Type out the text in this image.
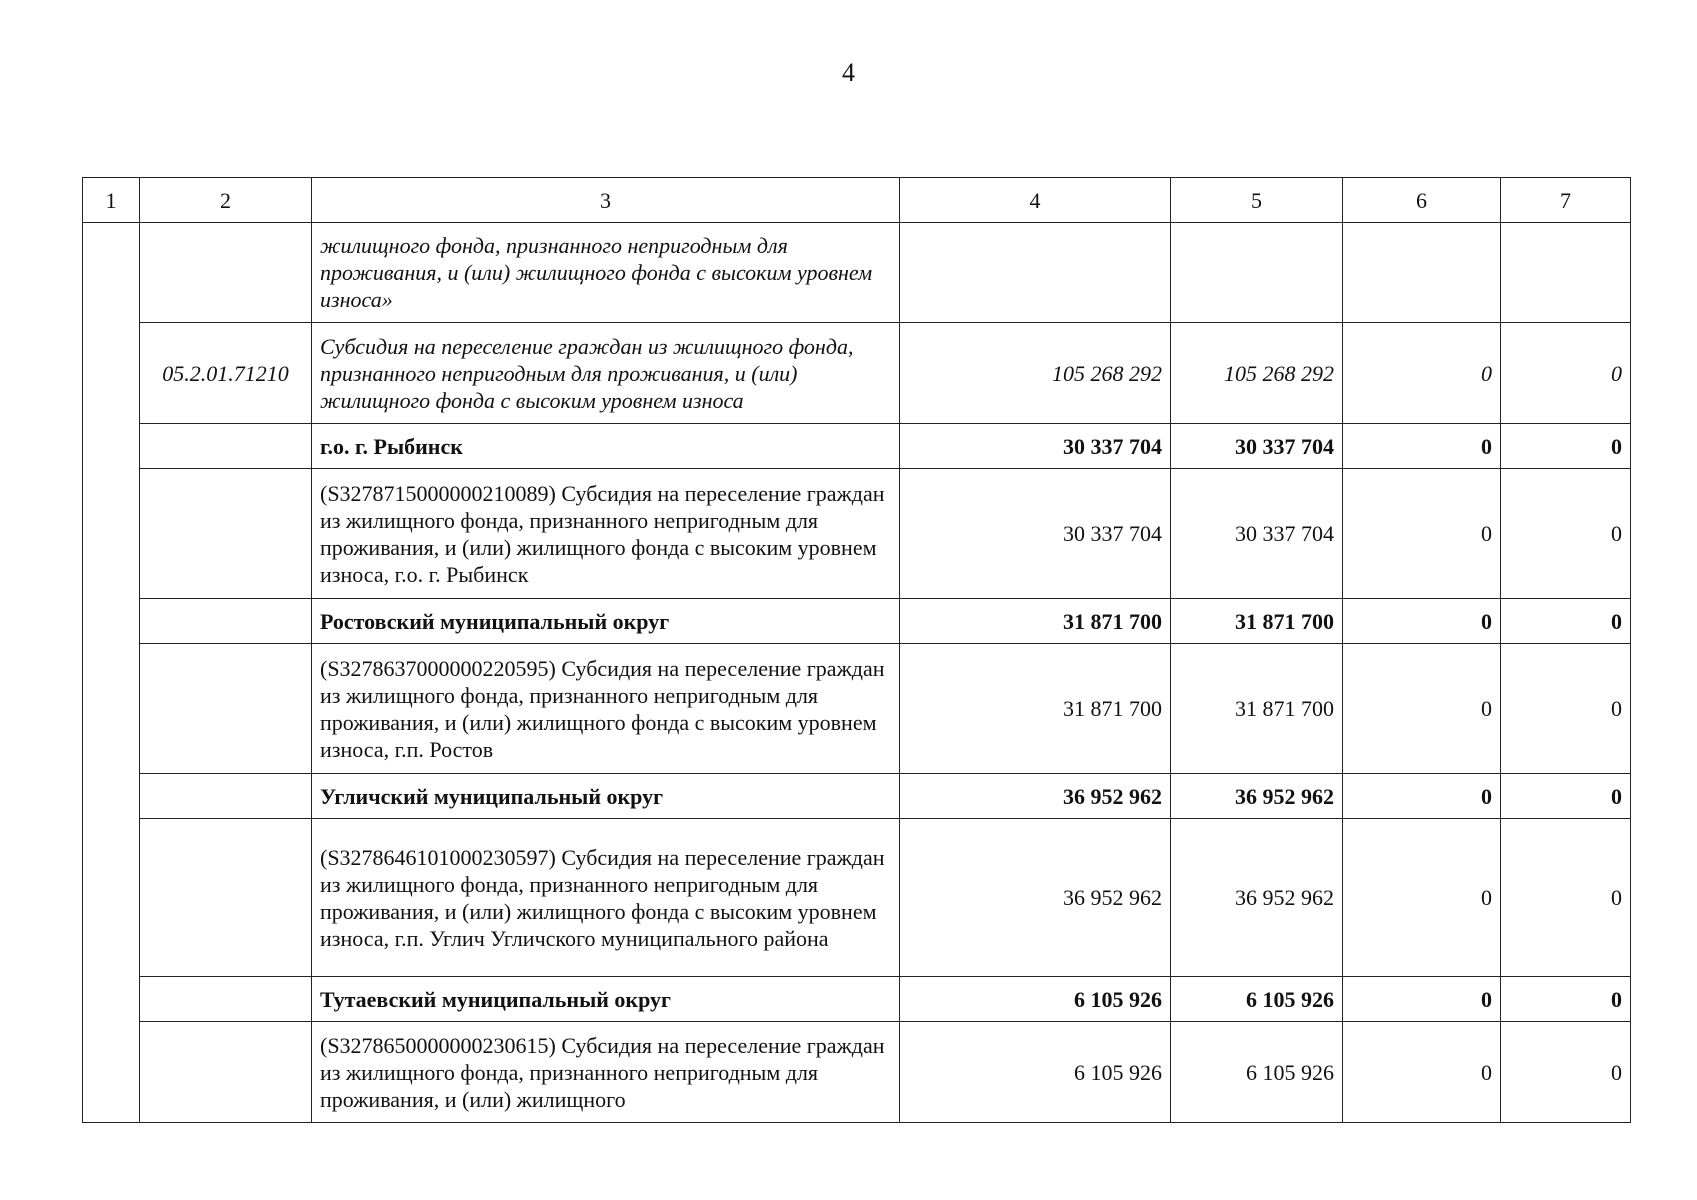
4
1	2	3	4	5	6	7
		жилищного фонда, признанного непригодным для проживания, и (или) жилищного фонда с высоким уровнем износа»				
	05.2.01.71210	Субсидия на переселение граждан из жилищного фонда, признанного непригодным для проживания, и (или) жилищного фонда с высоким уровнем износа	105 268 292	105 268 292	0	0
		г.о. г. Рыбинск	30 337 704	30 337 704	0	0
		(S3278715000000210089) Субсидия на переселение граждан из жилищного фонда, признанного непригодным для проживания, и (или) жилищного фонда с высоким уровнем износа, г.о. г. Рыбинск	30 337 704	30 337 704	0	0
		Ростовский муниципальный округ	31 871 700	31 871 700	0	0
		(S3278637000000220595) Субсидия на переселение граждан из жилищного фонда, признанного непригодным для проживания, и (или) жилищного фонда с высоким уровнем износа, г.п. Ростов	31 871 700	31 871 700	0	0
		Угличский муниципальный округ	36 952 962	36 952 962	0	0
		(S3278646101000230597) Субсидия на переселение граждан из жилищного фонда, признанного непригодным для проживания, и (или) жилищного фонда с высоким уровнем износа, г.п. Углич Угличского муниципального района	36 952 962	36 952 962	0	0
		Тутаевский муниципальный округ	6 105 926	6 105 926	0	0
		(S3278650000000230615) Субсидия на переселение граждан из жилищного фонда, признанного непригодным для проживания, и (или) жилищного	6 105 926	6 105 926	0	0
